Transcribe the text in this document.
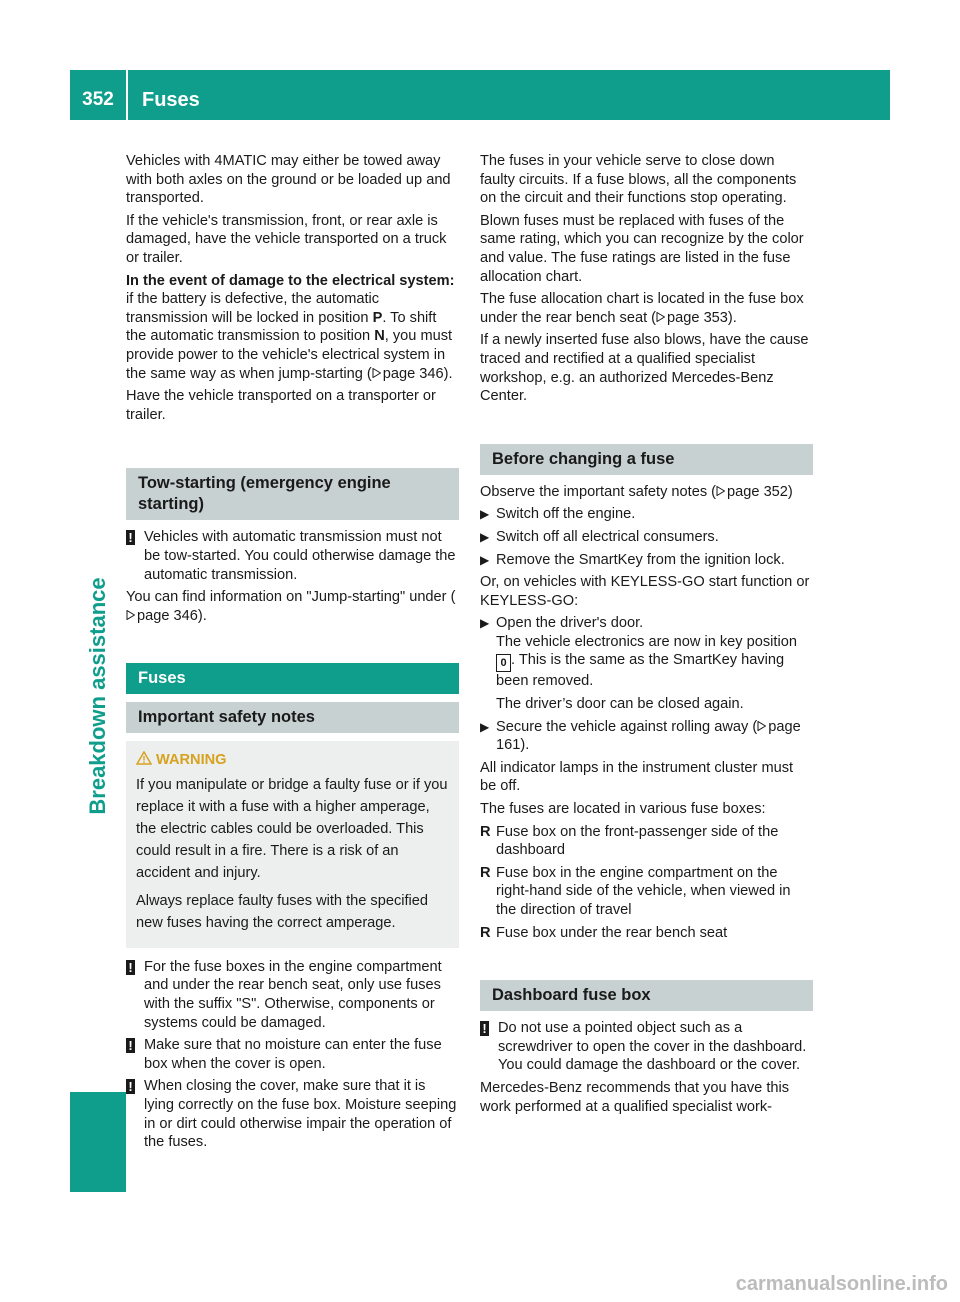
352	Fuses
Breakdown assistance

Vehicles with 4MATIC may either be towed away with both axles on the ground or be loaded up and transported.

If the vehicle's transmission, front, or rear axle is damaged, have the vehicle transported on a truck or trailer.

In the event of damage to the electrical system: if the battery is defective, the automatic transmission will be locked in position P. To shift the automatic transmission to position N, you must provide power to the vehicle's electrical system in the same way as when jump-starting ( page 346).

Have the vehicle transported on a transporter or trailer.

Tow-starting (emergency engine starting)
! Vehicles with automatic transmission must not be tow-started. You could otherwise damage the automatic transmission.

You can find information on "Jump-starting" under (page 346).

Fuses
Important safety notes
WARNING

If you manipulate or bridge a faulty fuse or if you replace it with a fuse with a higher amperage, the electric cables could be overloaded. This could result in a fire. There is a risk of an accident and injury.

Always replace faulty fuses with the specified new fuses having the correct amperage.

! For the fuse boxes in the engine compartment and under the rear bench seat, only use fuses with the suffix "S". Otherwise, components or systems could be damaged.
! Make sure that no moisture can enter the fuse box when the cover is open.
! When closing the cover, make sure that it is lying correctly on the fuse box. Moisture seeping in or dirt could otherwise impair the operation of the fuses.

The fuses in your vehicle serve to close down faulty circuits. If a fuse blows, all the components on the circuit and their functions stop operating.

Blown fuses must be replaced with fuses of the same rating, which you can recognize by the color and value. The fuse ratings are listed in the fuse allocation chart.

The fuse allocation chart is located in the fuse box under the rear bench seat ( page 353).

If a newly inserted fuse also blows, have the cause traced and rectified at a qualified specialist workshop, e.g. an authorized Mercedes-Benz Center.

Before changing a fuse

Observe the important safety notes ( page 352)

▶ Switch off the engine.
▶ Switch off all electrical consumers.
▶ Remove the SmartKey from the ignition lock.

Or, on vehicles with KEYLESS-GO start function or KEYLESS-GO:

▶ Open the driver's door.
The vehicle electronics are now in key position 0 . This is the same as the SmartKey having been removed.
The driver’s door can be closed again.
▶ Secure the vehicle against rolling away ( page 161).

All indicator lamps in the instrument cluster must be off.

The fuses are located in various fuse boxes:

R Fuse box on the front-passenger side of the dashboard
R Fuse box in the engine compartment on the right-hand side of the vehicle, when viewed in the direction of travel
R Fuse box under the rear bench seat
Dashboard fuse box
! Do not use a pointed object such as a screwdriver to open the cover in the dashboard. You could damage the dashboard or the cover.

Mercedes-Benz recommends that you have this work performed at a qualified specialist work-

carmanualsonline.info
